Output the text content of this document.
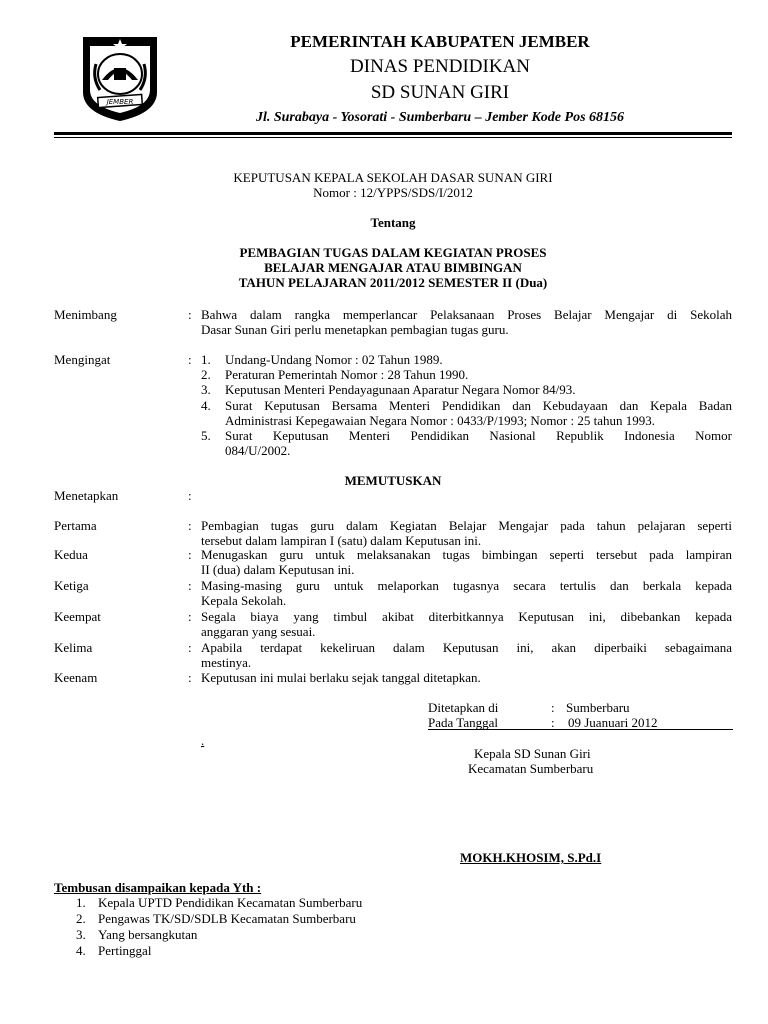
JEMBER
PEMERINTAH KABUPATEN JEMBER
DINAS PENDIDIKAN
SD SUNAN GIRI
Jl. Surabaya - Yosorati - Sumberbaru – Jember Kode Pos 68156
KEPUTUSAN KEPALA SEKOLAH DASAR SUNAN GIRI
Nomor : 12/YPPS/SDS/I/2012
Tentang
PEMBAGIAN TUGAS DALAM KEGIATAN PROSES
BELAJAR MENGAJAR ATAU BIMBINGAN
TAHUN PELAJARAN 2011/2012 SEMESTER II (Dua)
Menimbang	: Bahwa dalam rangka memperlancar Pelaksanaan Proses Belajar Mengajar di Sekolah
Dasar Sunan Giri perlu menetapkan pembagian tugas guru.
Mengingat	: 1.	Undang-Undang Nomor : 02 Tahun 1989.
2.	Peraturan Pemerintah Nomor : 28 Tahun 1990.
3.	Keputusan Menteri Pendayagunaan Aparatur Negara Nomor 84/93.
4.	Surat Keputusan Bersama Menteri Pendidikan dan Kebudayaan dan Kepala Badan
Administrasi Kepegawaian Negara Nomor : 0433/P/1993; Nomor : 25 tahun 1993.
5.	Surat Keputusan Menteri Pendidikan Nasional Republik Indonesia Nomor
084/U/2002.
MEMUTUSKAN
Menetapkan	:
Pertama	: Pembagian tugas guru dalam Kegiatan Belajar Mengajar pada tahun pelajaran seperti
tersebut dalam lampiran I (satu) dalam Keputusan ini.
Kedua	: Menugaskan guru untuk melaksanakan tugas bimbingan seperti tersebut pada lampiran
II (dua) dalam Keputusan ini.
Ketiga	: Masing-masing guru untuk melaporkan tugasnya secara tertulis dan berkala kepada
Kepala Sekolah.
Keempat	: Segala biaya yang timbul akibat diterbitkannya Keputusan ini, dibebankan kepada
anggaran yang sesuai.
Kelima	: Apabila terdapat kekeliruan dalam Keputusan ini, akan diperbaiki sebagaimana
mestinya.
Keenam	: Keputusan ini mulai berlaku sejak tanggal ditetapkan.
Ditetapkan di	: Sumberbaru
Pada Tanggal	: 09 Juanuari 2012
.
Kepala SD Sunan Giri
Kecamatan Sumberbaru
MOKH.KHOSIM, S.Pd.I
Tembusan disampaikan kepada Yth :
1. Kepala UPTD Pendidikan Kecamatan Sumberbaru
2. Pengawas TK/SD/SDLB Kecamatan Sumberbaru
3. Yang bersangkutan
4. Pertinggal
